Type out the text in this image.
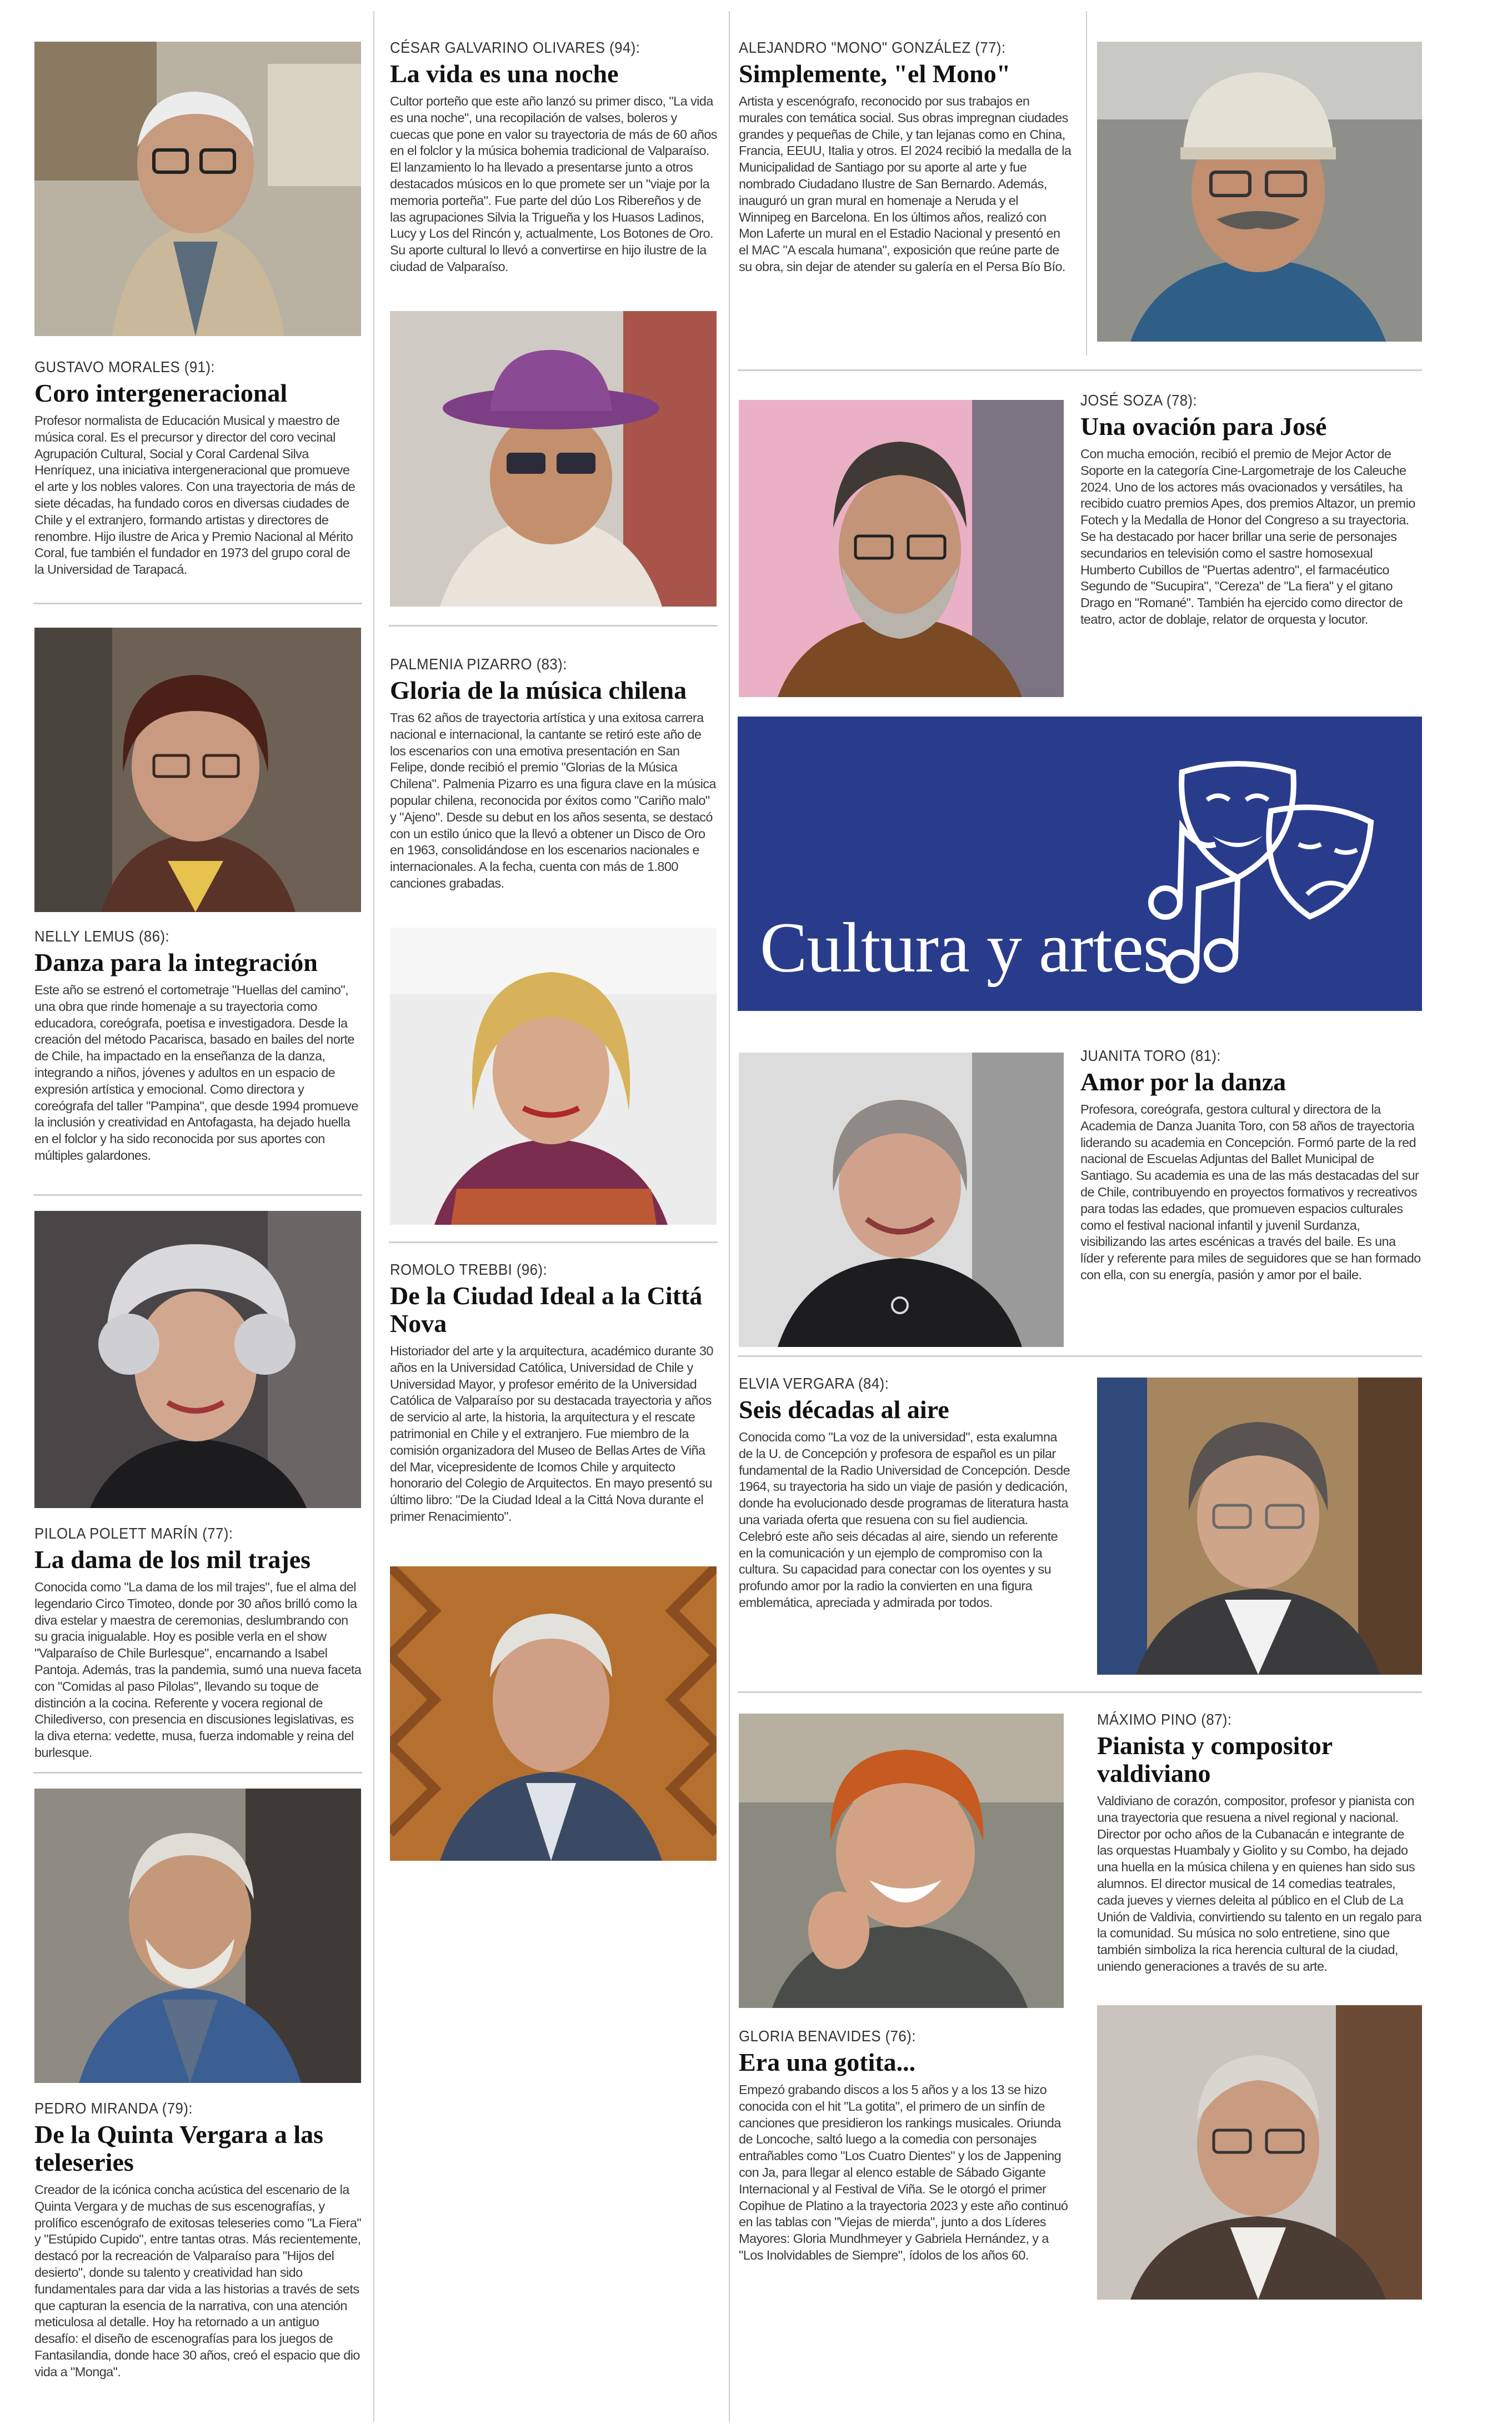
GUSTAVO MORALES (91):
Coro intergeneracional

Profesor normalista de Educación Musical y maestro de música coral. Es el precursor y director del coro vecinal Agrupación Cultural, Social y Coral Cardenal Silva Henríquez, una iniciativa intergeneracional que promueve el arte y los nobles valores. Con una trayectoria de más de siete décadas, ha fundado coros en diversas ciudades de Chile y el extranjero, formando artistas y directores de renombre. Hijo ilustre de Arica y Premio Nacional al Mérito Coral, fue también el fundador en 1973 del grupo coral de la Universidad de Tarapacá.

NELLY LEMUS (86):
Danza para la integración

Este año se estrenó el cortometraje "Huellas del camino", una obra que rinde homenaje a su trayectoria como educadora, coreógrafa, poetisa e investigadora. Desde la creación del método Pacarisca, basado en bailes del norte de Chile, ha impactado en la enseñanza de la danza, integrando a niños, jóvenes y adultos en un espacio de expresión artística y emocional. Como directora y coreógrafa del taller "Pampina", que desde 1994 promueve la inclusión y creatividad en Antofagasta, ha dejado huella en el folclor y ha sido reconocida por sus aportes con múltiples galardones.

PILOLA POLETT MARÍN (77):
La dama de los mil trajes

Conocida como "La dama de los mil trajes", fue el alma del legendario Circo Timoteo, donde por 30 años brilló como la diva estelar y maestra de ceremonias, deslumbrando con su gracia inigualable. Hoy es posible verla en el show "Valparaíso de Chile Burlesque", encarnando a Isabel Pantoja. Además, tras la pandemia, sumó una nueva faceta con "Comidas al paso Pilolas", llevando su toque de distinción a la cocina. Referente y vocera regional de Chilediverso, con presencia en discusiones legislativas, es la diva eterna: vedette, musa, fuerza indomable y reina del burlesque.

PEDRO MIRANDA (79):
De la Quinta Vergara a las teleseries

Creador de la icónica concha acústica del escenario de la Quinta Vergara y de muchas de sus escenografías, y prolífico escenógrafo de exitosas teleseries como "La Fiera" y "Estúpido Cupido", entre tantas otras. Más recientemente, destacó por la recreación de Valparaíso para "Hijos del desierto", donde su talento y creatividad han sido fundamentales para dar vida a las historias a través de sets que capturan la esencia de la narrativa, con una atención meticulosa al detalle. Hoy ha retornado a un antiguo desafío: el diseño de escenografías para los juegos de Fantasilandia, donde hace 30 años, creó el espacio que dio vida a "Monga".

CÉSAR GALVARINO OLIVARES (94):
La vida es una noche

Cultor porteño que este año lanzó su primer disco, "La vida es una noche", una recopilación de valses, boleros y cuecas que pone en valor su trayectoria de más de 60 años en el folclor y la música bohemia tradicional de Valparaíso. El lanzamiento lo ha llevado a presentarse junto a otros destacados músicos en lo que promete ser un "viaje por la memoria porteña". Fue parte del dúo Los Ribereños y de las agrupaciones Silvia la Trigueña y los Huasos Ladinos, Lucy y Los del Rincón y, actualmente, Los Botones de Oro. Su aporte cultural lo llevó a convertirse en hijo ilustre de la ciudad de Valparaíso.

PALMENIA PIZARRO (83):
Gloria de la música chilena

Tras 62 años de trayectoria artística y una exitosa carrera nacional e internacional, la cantante se retiró este año de los escenarios con una emotiva presentación en San Felipe, donde recibió el premio "Glorias de la Música Chilena". Palmenia Pizarro es una figura clave en la música popular chilena, reconocida por éxitos como "Cariño malo" y "Ajeno". Desde su debut en los años sesenta, se destacó con un estilo único que la llevó a obtener un Disco de Oro en 1963, consolidándose en los escenarios nacionales e internacionales. A la fecha, cuenta con más de 1.800 canciones grabadas.

ROMOLO TREBBI (96):
De la Ciudad Ideal a la Cittá Nova

Historiador del arte y la arquitectura, académico durante 30 años en la Universidad Católica, Universidad de Chile y Universidad Mayor, y profesor emérito de la Universidad Católica de Valparaíso por su destacada trayectoria y años de servicio al arte, la historia, la arquitectura y el rescate patrimonial en Chile y el extranjero. Fue miembro de la comisión organizadora del Museo de Bellas Artes de Viña del Mar, vicepresidente de Icomos Chile y arquitecto honorario del Colegio de Arquitectos. En mayo presentó su último libro: "De la Ciudad Ideal a la Cittá Nova durante el primer Renacimiento".

ALEJANDRO "MONO" GONZÁLEZ (77):
Simplemente, "el Mono"

Artista y escenógrafo, reconocido por sus trabajos en murales con temática social. Sus obras impregnan ciudades grandes y pequeñas de Chile, y tan lejanas como en China, Francia, EEUU, Italia y otros. El 2024 recibió la medalla de la Municipalidad de Santiago por su aporte al arte y fue nombrado Ciudadano Ilustre de San Bernardo. Además, inauguró un gran mural en homenaje a Neruda y el Winnipeg en Barcelona. En los últimos años, realizó con Mon Laferte un mural en el Estadio Nacional y presentó en el MAC "A escala humana", exposición que reúne parte de su obra, sin dejar de atender su galería en el Persa Bío Bío.

JOSÉ SOZA (78):
Una ovación para José

Con mucha emoción, recibió el premio de Mejor Actor de Soporte en la categoría Cine-Largometraje de los Caleuche 2024. Uno de los actores más ovacionados y versátiles, ha recibido cuatro premios Apes, dos premios Altazor, un premio Fotech y la Medalla de Honor del Congreso a su trayectoria. Se ha destacado por hacer brillar una serie de personajes secundarios en televisión como el sastre homosexual Humberto Cubillos de "Puertas adentro", el farmacéutico Segundo de "Sucupira", "Cereza" de "La fiera" y el gitano Drago en "Romané". También ha ejercido como director de teatro, actor de doblaje, relator de orquesta y locutor.

Cultura y artes
JUANITA TORO (81):
Amor por la danza

Profesora, coreógrafa, gestora cultural y directora de la Academia de Danza Juanita Toro, con 58 años de trayectoria liderando su academia en Concepción. Formó parte de la red nacional de Escuelas Adjuntas del Ballet Municipal de Santiago. Su academia es una de las más destacadas del sur de Chile, contribuyendo en proyectos formativos y recreativos para todas las edades, que promueven espacios culturales como el festival nacional infantil y juvenil Surdanza, visibilizando las artes escénicas a través del baile. Es una líder y referente para miles de seguidores que se han formado con ella, con su energía, pasión y amor por el baile.

ELVIA VERGARA (84):
Seis décadas al aire

Conocida como "La voz de la universidad", esta exalumna de la U. de Concepción y profesora de español es un pilar fundamental de la Radio Universidad de Concepción. Desde 1964, su trayectoria ha sido un viaje de pasión y dedicación, donde ha evolucionado desde programas de literatura hasta una variada oferta que resuena con su fiel audiencia. Celebró este año seis décadas al aire, siendo un referente en la comunicación y un ejemplo de compromiso con la cultura. Su capacidad para conectar con los oyentes y su profundo amor por la radio la convierten en una figura emblemática, apreciada y admirada por todos.

GLORIA BENAVIDES (76):
Era una gotita...

Empezó grabando discos a los 5 años y a los 13 se hizo conocida con el hit "La gotita", el primero de un sinfín de canciones que presidieron los rankings musicales. Oriunda de Loncoche, saltó luego a la comedia con personajes entrañables como "Los Cuatro Dientes" y los de Jappening con Ja, para llegar al elenco estable de Sábado Gigante Internacional y al Festival de Viña. Se le otorgó el primer Copihue de Platino a la trayectoria 2023 y este año continuó en las tablas con "Viejas de mierda", junto a dos Líderes Mayores: Gloria Mundhmeyer y Gabriela Hernández, y a "Los Inolvidables de Siempre", ídolos de los años 60.

MÁXIMO PINO (87):
Pianista y compositor valdiviano

Valdiviano de corazón, compositor, profesor y pianista con una trayectoria que resuena a nivel regional y nacional. Director por ocho años de la Cubanacán e integrante de las orquestas Huambaly y Giolito y su Combo, ha dejado una huella en la música chilena y en quienes han sido sus alumnos. El director musical de 14 comedias teatrales, cada jueves y viernes deleita al público en el Club de La Unión de Valdivia, convirtiendo su talento en un regalo para la comunidad. Su música no solo entretiene, sino que también simboliza la rica herencia cultural de la ciudad, uniendo generaciones a través de su arte.
